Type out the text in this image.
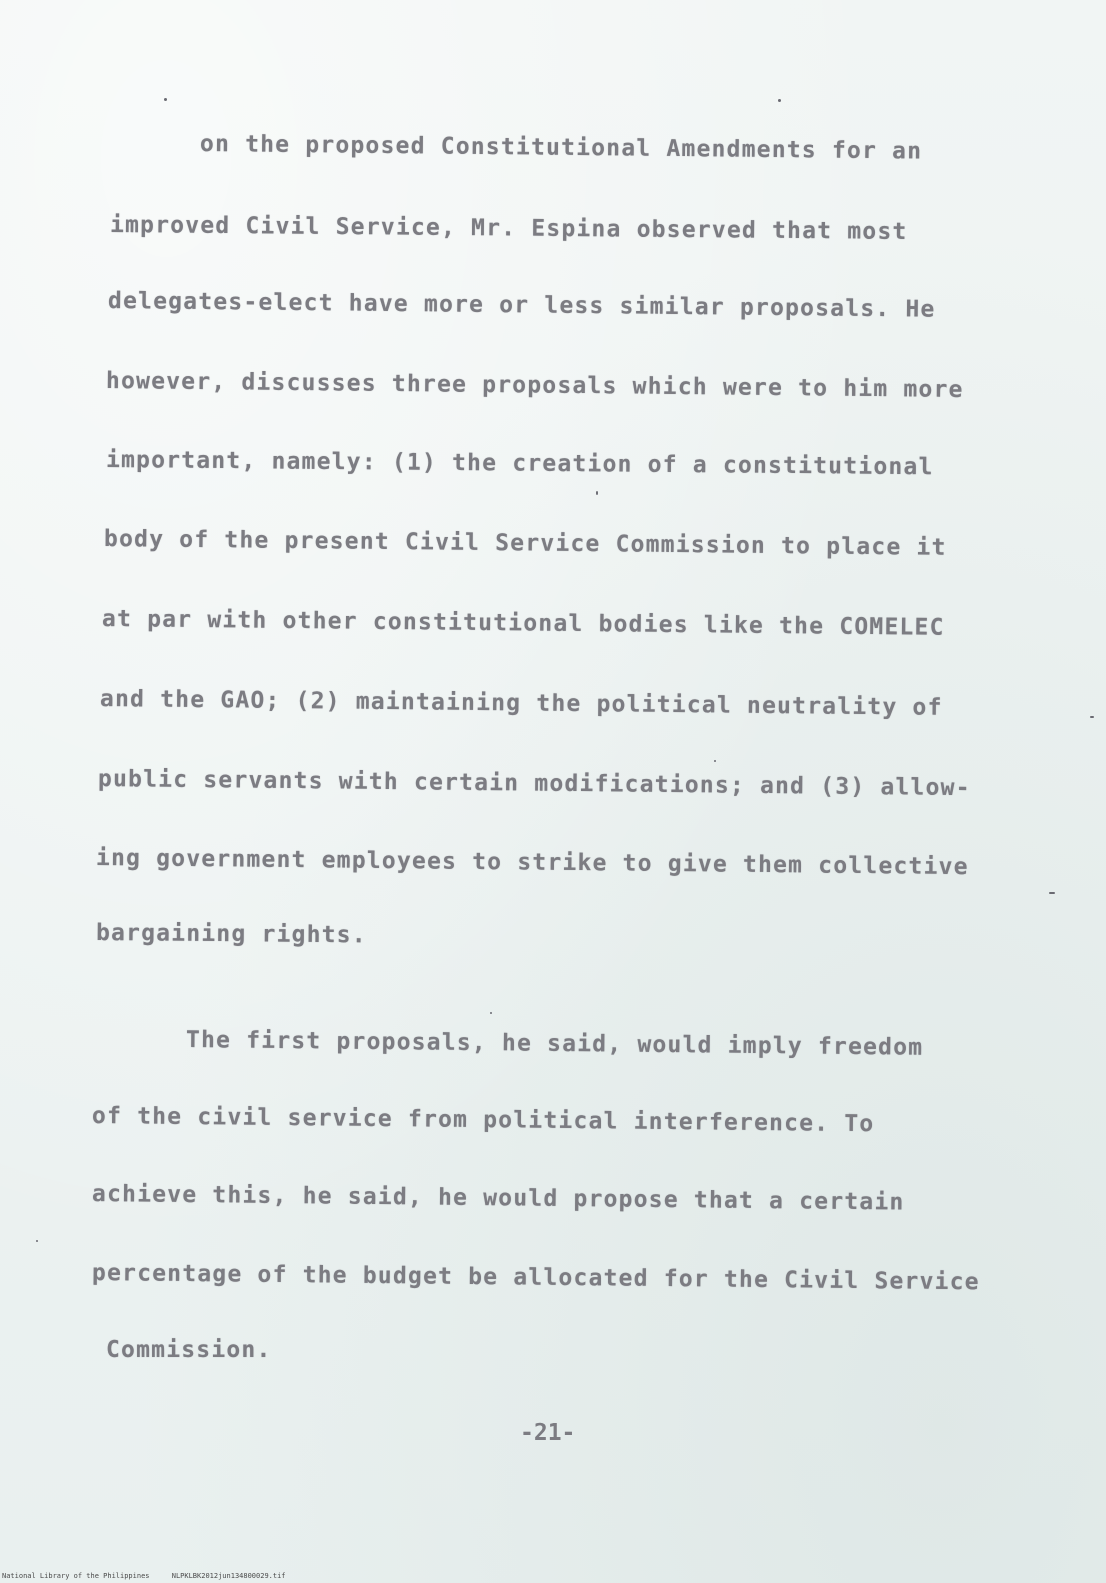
on the proposed Constitutional Amendments for an
improved Civil Service, Mr. Espina observed that most
delegates-elect have more or less similar proposals. He
however, discusses three proposals which were to him more
important, namely: (1) the creation of a constitutional
body of the present Civil Service Commission to place it
at par with other constitutional bodies like the COMELEC
and the GAO; (2) maintaining the political neutrality of
public servants with certain modifications; and (3) allow-
ing government employees to strike to give them collective
bargaining rights.
The first proposals, he said, would imply freedom
of the civil service from political interference. To
achieve this, he said, he would propose that a certain
percentage of the budget be allocated for the Civil Service
Commission.
-21-
National Library of the Philippines	NLPKLBK2012jun134800029.tif
